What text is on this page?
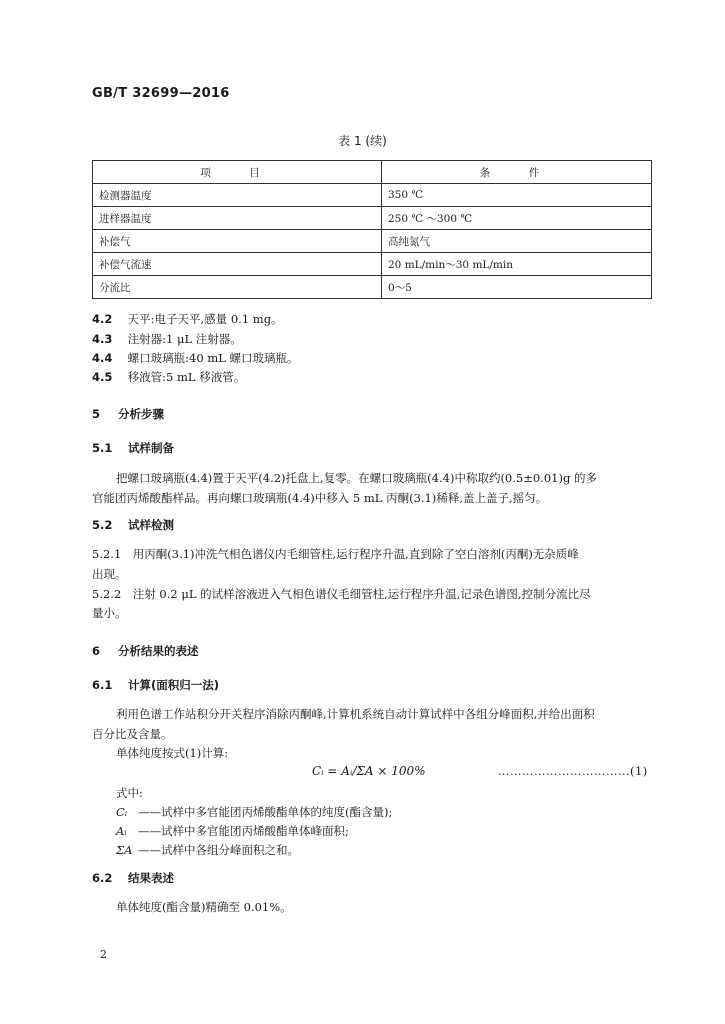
GB/T 32699—2016
表 1 (续)
项　目	条　件
检测器温度	350 ℃
进样器温度	250 ℃ ～300 ℃
补偿气	高纯氮气
补偿气流速	20 mL/min～30 mL/min
分流比	0～5
4.2 天平:电子天平,感量 0.1 mg。
4.3 注射器:1 μL 注射器。
4.4 螺口玻璃瓶:40 mL 螺口玻璃瓶。
4.5 移液管:5 mL 移液管。
5 分析步骤
5.1 试样制备
把螺口玻璃瓶(4.4)置于天平(4.2)托盘上,复零。在螺口玻璃瓶(4.4)中称取约(0.5±0.01)g 的多
官能团丙烯酸酯样品。再向螺口玻璃瓶(4.4)中移入 5 mL 丙酮(3.1)稀释,盖上盖子,摇匀。
5.2 试样检测
5.2.1　用丙酮(3.1)冲洗气相色谱仪内毛细管柱,运行程序升温,直到除了空白溶剂(丙酮)无杂质峰
出现。
5.2.2　注射 0.2 μL 的试样溶液进入气相色谱仪毛细管柱,运行程序升温,记录色谱图,控制分流比尽
量小。
6 分析结果的表述
6.1 计算(面积归一法)
利用色谱工作站积分开关程序消除丙酮峰,计算机系统自动计算试样中各组分峰面积,并给出面积
百分比及含量。
单体纯度按式(1)计算:
Cᵢ = Aᵢ/ΣA × 100%	……………………………(1)
式中:
Cᵢ ——试样中多官能团丙烯酸酯单体的纯度(酯含量);
Aᵢ ——试样中多官能团丙烯酸酯单体峰面积;
ΣA ——试样中各组分峰面积之和。
6.2 结果表述
单体纯度(酯含量)精确至 0.01%。
2
